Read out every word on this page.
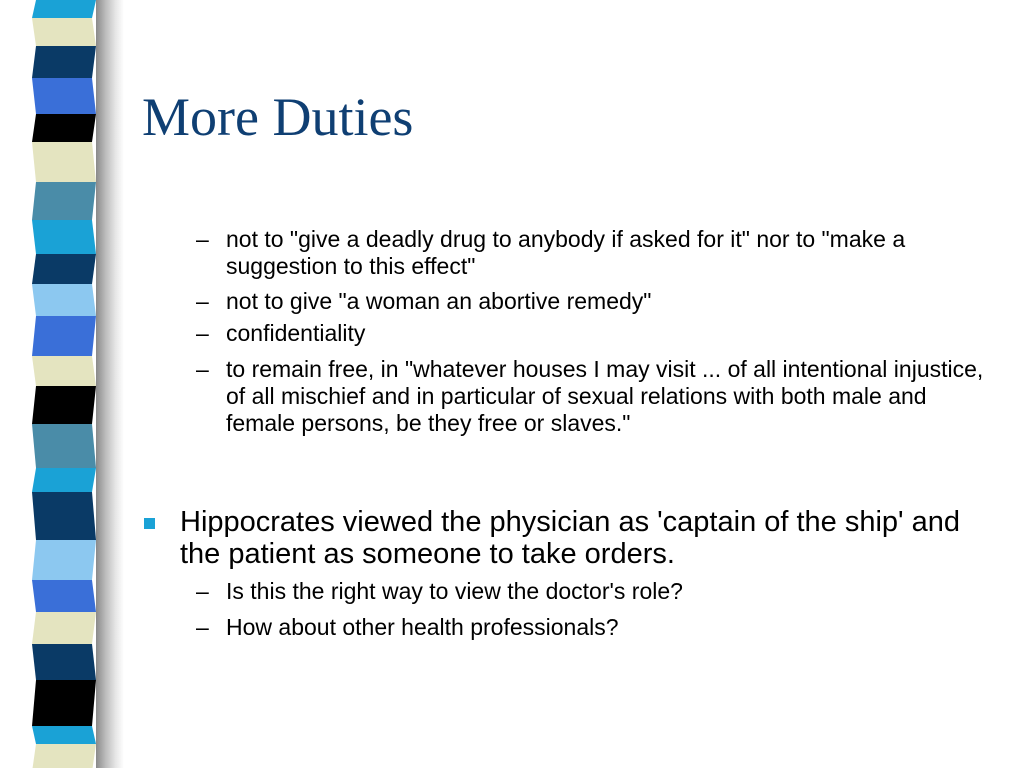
More Duties
– not to "give a deadly drug to anybody if asked for it" nor to "make a suggestion to this effect"
– not to give "a woman an abortive remedy"
– confidentiality
– to remain free, in "whatever houses I may visit ... of all intentional injustice, of all mischief and in particular of sexual relations with both male and female persons, be they free or slaves."
Hippocrates viewed the physician as 'captain of the ship' and the patient as someone to take orders.
– Is this the right way to view the doctor's role?
– How about other health professionals?
